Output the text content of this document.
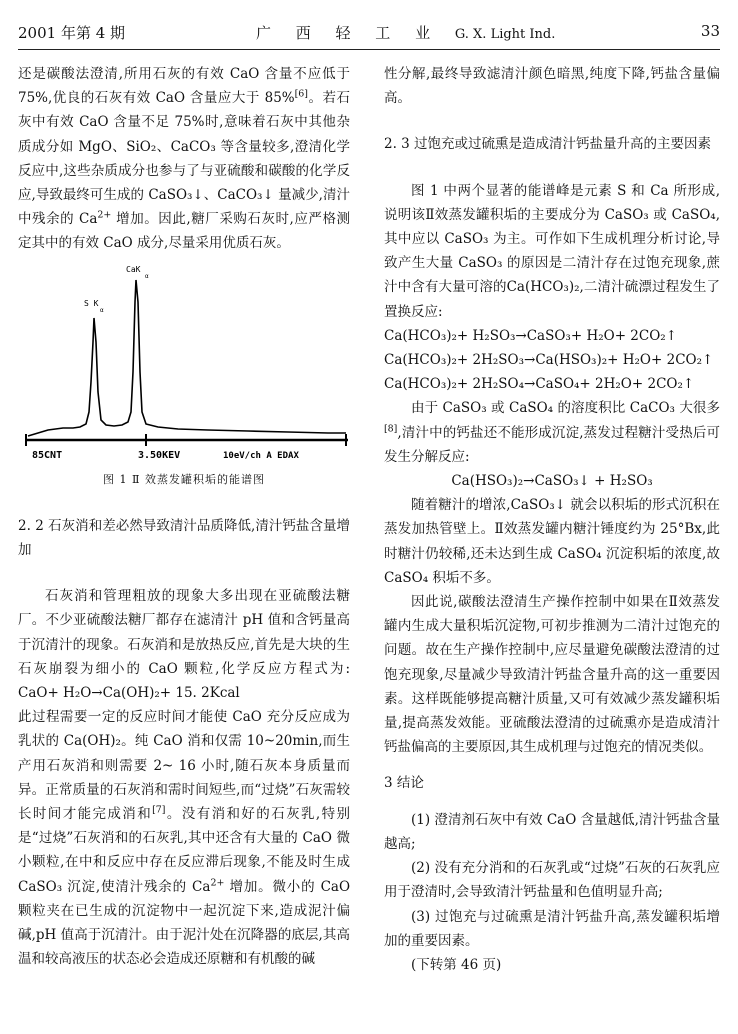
2001 年第 4 期	广 西 轻 工 业 G. X. Light Ind.	33

还是碳酸法澄清,所用石灰的有效 CaO 含量不应低于 75%,优良的石灰有效 CaO 含量应大于 85%[6]。若石灰中有效 CaO 含量不足 75%时,意味着石灰中其他杂质成分如 MgO、SiO₂、CaCO₃ 等含量较多,澄清化学反应中,这些杂质成分也参与了与亚硫酸和碳酸的化学反应,导致最终可生成的 CaSO₃↓、CaCO₃↓ 量减少,清汁中残余的 $Ca^{2+}$ 增加。因此,糖厂采购石灰时,应严格测定其中的有效 CaO 成分,尽量采用优质石灰。

S K
α
CaK
α
85CNT	3.50KEV	10eV/ch A EDAX
图 1 Ⅱ 效蒸发罐积垢的能谱图

2. 2 石灰消和差必然导致清汁品质降低,清汁钙盐含量增加

石灰消和管理粗放的现象大多出现在亚硫酸法糖厂。不少亚硫酸法糖厂都存在滤清汁 pH 值和含钙量高于沉清汁的现象。石灰消和是放热反应,首先是大块的生石灰崩裂为细小的 CaO 颗粒,化学反应方程式为: CaO+ H₂O→Ca(OH)₂+ 15. 2Kcal

此过程需要一定的反应时间才能使 CaO 充分反应成为乳状的 Ca(OH)₂。纯 CaO 消和仅需 10~20min,而生产用石灰消和则需要 2~ 16 小时,随石灰本身质量而异。正常质量的石灰消和需时间短些,而“过烧”石灰需较长时间才能完成消和[7]。没有消和好的石灰乳,特别是“过烧”石灰消和的石灰乳,其中还含有大量的 CaO 微小颗粒,在中和反应中存在反应滞后现象,不能及时生成 CaSO₃ 沉淀,使清汁残余的 $Ca^{2+}$ 增加。微小的 CaO 颗粒夹在已生成的沉淀物中一起沉淀下来,造成泥汁偏碱,pH 值高于沉清汁。由于泥汁处在沉降器的底层,其高温和较高液压的状态必会造成还原糖和有机酸的碱

性分解,最终导致滤清汁颜色暗黑,纯度下降,钙盐含量偏高。

2. 3 过饱充或过硫熏是造成清汁钙盐量升高的主要因素

图 1 中两个显著的能谱峰是元素 S 和 Ca 所形成,说明该Ⅱ效蒸发罐积垢的主要成分为 CaSO₃ 或 CaSO₄,其中应以 CaSO₃ 为主。可作如下生成机理分析讨论,导致产生大量 CaSO₃ 的原因是二清汁存在过饱充现象,蔗汁中含有大量可溶的Ca(HCO₃)₂,二清汁硫漂过程发生了置换反应:

Ca(HCO₃)₂+ H₂SO₃→CaSO₃+ H₂O+ 2CO₂↑

Ca(HCO₃)₂+ 2H₂SO₃→Ca(HSO₃)₂+ H₂O+ 2CO₂↑

Ca(HCO₃)₂+ 2H₂SO₄→CaSO₄+ 2H₂O+ 2CO₂↑

由于 CaSO₃ 或 CaSO₄ 的溶度积比 CaCO₃ 大很多[8],清汁中的钙盐还不能形成沉淀,蒸发过程糖汁受热后可发生分解反应:

Ca(HSO₃)₂→CaSO₃↓ + H₂SO₃

随着糖汁的增浓,CaSO₃↓ 就会以积垢的形式沉积在蒸发加热管壁上。Ⅱ效蒸发罐内糖汁锤度约为 25°Bx,此时糖汁仍较稀,还未达到生成 CaSO₄ 沉淀积垢的浓度,故 CaSO₄ 积垢不多。

因此说,碳酸法澄清生产操作控制中如果在Ⅱ效蒸发罐内生成大量积垢沉淀物,可初步推测为二清汁过饱充的问题。故在生产操作控制中,应尽量避免碳酸法澄清的过饱充现象,尽量减少导致清汁钙盐含量升高的这一重要因素。这样既能够提高糖汁质量,又可有效减少蒸发罐积垢量,提高蒸发效能。亚硫酸法澄清的过硫熏亦是造成清汁钙盐偏高的主要原因,其生成机理与过饱充的情况类似。

3 结论

(1) 澄清剂石灰中有效 CaO 含量越低,清汁钙盐含量越高;

(2) 没有充分消和的石灰乳或“过烧”石灰的石灰乳应用于澄清时,会导致清汁钙盐量和色值明显升高;

(3) 过饱充与过硫熏是清汁钙盐升高,蒸发罐积垢增加的重要因素。

(下转第 46 页)
